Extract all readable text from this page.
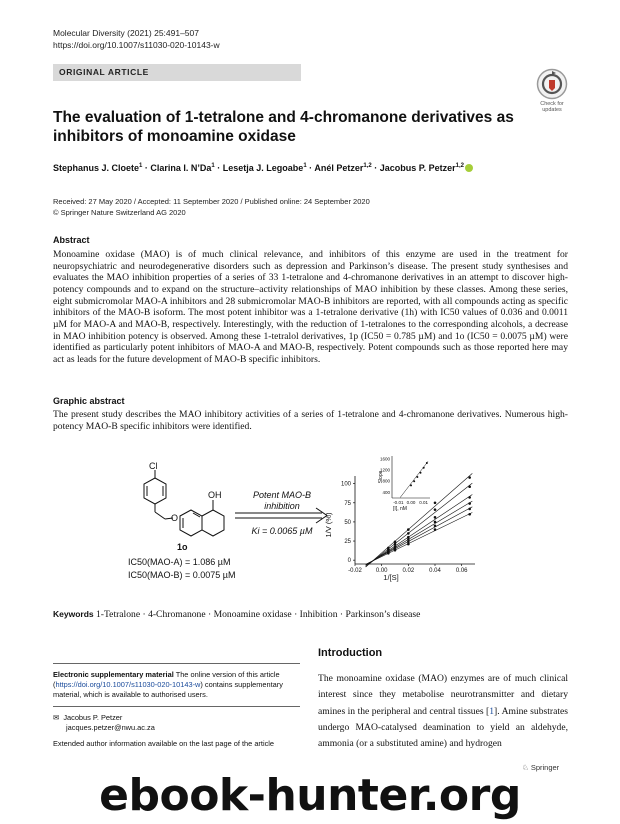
Molecular Diversity (2021) 25:491–507
https://doi.org/10.1007/s11030-020-10143-w
ORIGINAL ARTICLE
Check for updates
The evaluation of 1-tetralone and 4-chromanone derivatives as inhibitors of monoamine oxidase
Stephanus J. Cloete$^1$ · Clarina I. $N’Da^1$ · Lesetja J. Legoabe$^1$ · Anél Petzer$^{1,2}$ · Jacobus P. Petzer$^{1,2}$
Received: 27 May 2020 / Accepted: 11 September 2020 / Published online: 24 September 2020
© Springer Nature Switzerland AG 2020
Abstract
Monoamine oxidase (MAO) is of much clinical relevance, and inhibitors of this enzyme are used in the treatment for neuropsychiatric and neurodegenerative disorders such as depression and Parkinson’s disease. The present study synthesises and evaluates the MAO inhibition properties of a series of 33 1-tetralone and 4-chromanone derivatives in an attempt to discover high-potency compounds and to expand on the structure–activity relationships of MAO inhibition by these classes. Among these series, eight submicromolar MAO-A inhibitors and 28 submicromolar MAO-B inhibitors are reported, with all compounds acting as specific inhibitors of the MAO-B isoform. The most potent inhibitor was a 1-tetralone derivative (1h) with IC50 values of 0.036 and 0.0011 µM for MAO-A and MAO-B, respectively. Interestingly, with the reduction of 1-tetralones to the corresponding alcohols, a decrease in MAO inhibition potency is observed. Among these 1-tetralol derivatives, 1p (IC50 = 0.785 µM) and 1o (IC50 = 0.0075 µM) were identified as particularly potent inhibitors of MAO-A and MAO-B, respectively. Potent compounds such as those reported here may act as leads for the future development of MAO-B specific inhibitors.
Graphic abstract
The present study describes the MAO inhibitory activities of a series of 1-tetralone and 4-chromanone derivatives. Numerous high-potency MAO-B specific inhibitors were identified.
Cl
OH
O
1o
IC50(MAO-A) = 1.086 µM
IC50(MAO-B) = 0.0075 µM
Potent MAO-B
inhibition
Ki = 0.0065 µM
-0.02 0.00 0.02 0.04 0.06
0
25
50
75
100
-0.01 0.00 0.01
400
800
1200
1600
1/[S]
1/V (%)
[I], nM
Slope
Keywords 1-Tetralone · 4-Chromanone · Monoamine oxidase · Inhibition · Parkinson’s disease
Electronic supplementary material The online version of this article (https://doi.org/10.1007/s11030-020-10143-w) contains supplementary material, which is available to authorised users.
✉ Jacobus P. Petzer
jacques.petzer@nwu.ac.za
Extended author information available on the last page of the article
Introduction
The monoamine oxidase (MAO) enzymes are of much clinical interest since they metabolise neurotransmitter and dietary amines in the peripheral and central tissues [1]. Amine substrates undergo MAO-catalysed deamination to yield an aldehyde, ammonia (or a substituted amine) and hydrogen
♘ Springer
ebook-hunter.org
